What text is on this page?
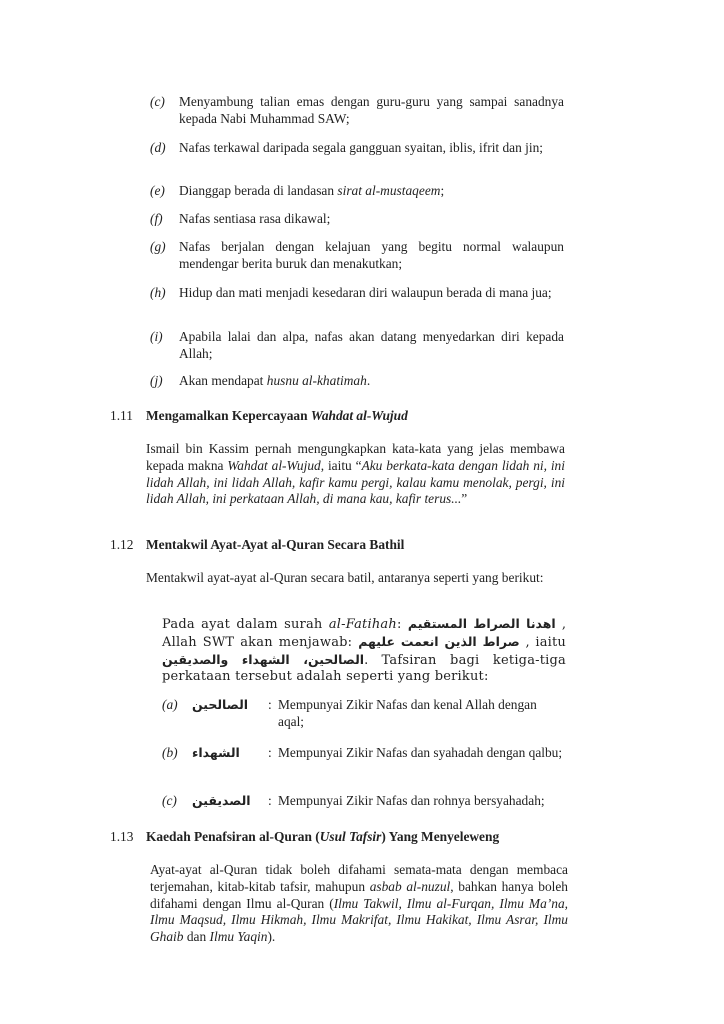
(c)	Menyambung talian emas dengan guru-guru yang sampai sanadnya kepada Nabi Muhammad SAW;
(d) Nafas terkawal daripada segala gangguan syaitan, iblis, ifrit dan jin;
(e)	Dianggap berada di landasan sirat al-mustaqeem;
(f)	Nafas sentiasa rasa dikawal;
(g) Nafas berjalan dengan kelajuan yang begitu normal walaupun mendengar berita buruk dan menakutkan;
(h) Hidup dan mati menjadi kesedaran diri walaupun berada di mana jua;
(i)	Apabila lalai dan alpa, nafas akan datang menyedarkan diri kepada Allah;
(j)	Akan mendapat husnu al-khatimah.
1.11 Mengamalkan Kepercayaan Wahdat al-Wujud
Ismail bin Kassim pernah mengungkapkan kata-kata yang jelas membawa kepada makna Wahdat al-Wujud, iaitu “Aku berkata-kata dengan lidah ni, ini lidah Allah, ini lidah Allah, kafir kamu pergi, kalau kamu menolak, pergi, ini lidah Allah, ini perkataan Allah, di mana kau, kafir terus...”
1.12 Mentakwil Ayat-Ayat al-Quran Secara Bathil
Mentakwil ayat-ayat al-Quran secara batil, antaranya seperti yang berikut:
Pada ayat dalam surah al-Fatihah: اهدنا الصراط المستقيم , Allah SWT akan menjawab: صراط الذين انعمت عليهم , iaitu الصالحين، الشهداء والصديقين. Tafsiran bagi ketiga-tiga perkataan tersebut adalah seperti yang berikut:
(a) الصالحين : Mempunyai Zikir Nafas dan kenal Allah dengan aqal;
(b) الشهداء : Mempunyai Zikir Nafas dan syahadah dengan qalbu;
(c) الصديقين : Mempunyai Zikir Nafas dan rohnya bersyahadah;
1.13 Kaedah Penafsiran al-Quran (Usul Tafsir) Yang Menyeleweng
Ayat-ayat al-Quran tidak boleh difahami semata-mata dengan membaca terjemahan, kitab-kitab tafsir, mahupun asbab al-nuzul, bahkan hanya boleh difahami dengan Ilmu al-Quran (Ilmu Takwil, Ilmu al-Furqan, Ilmu Ma’na, Ilmu Maqsud, Ilmu Hikmah, Ilmu Makrifat, Ilmu Hakikat, Ilmu Asrar, Ilmu Ghaib dan Ilmu Yaqin).
